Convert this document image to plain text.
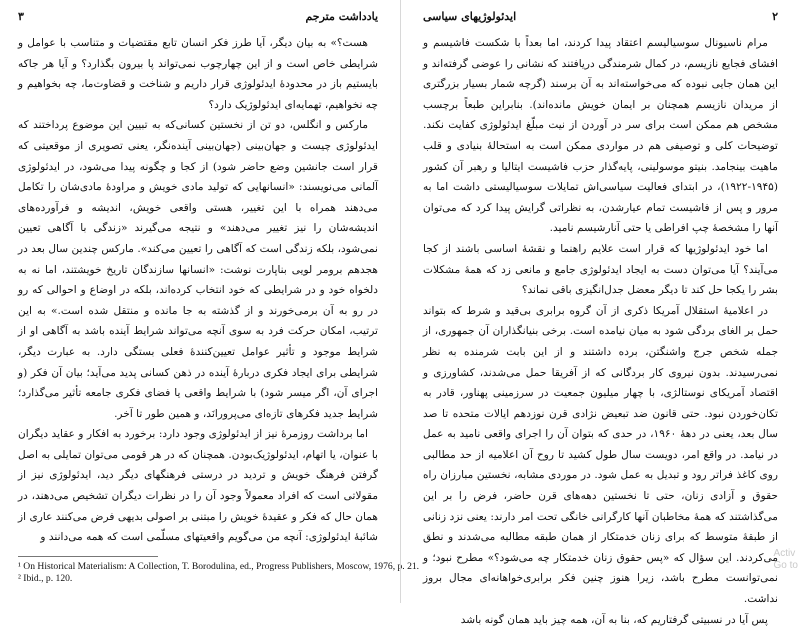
یادداشت مترجم
۳

هست؟» به بیان دیگر، آیا طرز فکر انسان تابع مقتضیات و متناسب با عوامل و شرایطی خاص است و از این چهارچوب نمی‌تواند پا بیرون بگذارد؟ و آیا هر جاکه بایستیم باز در محدودهٔ ایدئولوژی قرار داریم و شناخت و قضاوت‌ما، چه بخواهیم و چه نخواهیم، تهمایه‌ای ایدئولوژیک دارد؟

مارکس و انگلس، دو تن از نخستین کسانی‌که به تبیین این موضوع پرداختند که ایدئولوژی چیست و جهان‌بینی (جهان‌بینی آینده‌نگر، یعنی تصویری از موقعیتی که قرار است جانشین وضع حاضر شود) از کجا و چگونه پیدا می‌شود، در ایدئولوژی آلمانی می‌نویسند: «انسانهایی که تولید مادی خویش و مراودهٔ مادی‌شان را تکامل می‌دهند همراه با این تغییر، هستی واقعی خویش، اندیشه و فرآورده‌های اندیشه‌شان را نیز تغییر می‌دهند» و نتیجه می‌گیرند «زندگی با آگاهی تعیین نمی‌شود، بلکه زندگی است که آگاهی را تعیین می‌کند». مارکس چندین سال بعد در هجدهم برومر لویی بناپارت نوشت: «انسانها سازندگان تاریخ خویشتند، اما نه به دلخواه خود و در شرایطی که خود انتخاب کرده‌اند، بلکه در اوضاع و احوالی که رو در رو به آن برمی‌خورند و از گذشته به جا مانده و منتقل شده است.» به این ترتیب، امکان حرکت فرد به سوی آنچه می‌تواند شرایط آینده باشد به آگاهی او از شرایط موجود و تأثیر عوامل تعیین‌کنندهٔ فعلی بستگی دارد. به عبارت دیگر، شرایطی برای ایجاد فکری دربارهٔ آینده در ذهن کسانی پدید می‌آید؛ بیان آن فکر (و اجرای آن، اگر میسر شود) با شرایط واقعی یا فضای فکری جامعه تأثیر می‌گذارد؛ شرایط جدید فکرهای تازه‌ای می‌پرورانَد، و همین طور تا آخر.

اما برداشت روزمرهٔ نیز از ایدئولوژی وجود دارد: برخورد به افکار و عقاید دیگران با عنوان، یا اتهام، ایدئولوژیک‌بودن. همچنان که در هر قومی می‌توان تمایلی به اصل گرفتن فرهنگ خویش و تردید در درستی فرهنگهای دیگر دید، ایدئولوژی نیز از مقولاتی است که افراد معمولاً وجود آن را در نظرات دیگران تشخیص می‌دهند، در همان حال که فکر و عقیدهٔ خویش را مبتنی بر اصولی بدیهی فرض می‌کنند عاری از شائبهٔ ایدئولوژی: آنچه من می‌گویم واقعیتهای مسلّمی است که همه می‌دانند و

¹ On Historical Materialism: A Collection, T. Borodulina, ed., Progress Publishers, Moscow, 1976, p. 21.

² Ibid., p. 120.

۲
ایدئولوژیهای سیاسی

مرام ناسیونال سوسیالیسم اعتقاد پیدا کردند، اما بعداً با شکست فاشیسم و افشای فجایع نازیسم، در کمال شرمندگی دریافتند که نشانی را عوضی گرفته‌اند و این همان جایی نبوده که می‌خواسته‌اند به آن برسند (گرچه شمار بسیار بزرگتری از مریدان نازیسم همچنان بر ایمان خویش مانده‌اند). بنابراین طبعاً برچسب مشخص هم ممکن است برای سر در آوردن از نیت مبلّغ ایدئولوژی کفایت نکند. توضیحات کلی و توصیفی هم در مواردی ممکن است به استحالهٔ بنیادی و قلب ماهیت بینجامد. بنیتو موسولینی، پایه‌گذار حزب فاشیست ایتالیا و رهبر آن کشور (۱۹۴۵-۱۹۲۲)، در ابتدای فعالیت سیاسی‌اش تمایلات سوسیالیستی داشت اما به مرور و پس از فاشیست تمام عیارشدن، به نظراتی گرایش پیدا کرد که می‌توان آنها را مشخصهٔ چپ افراطی یا حتی آنارشیسم نامید.

اما خود ایدئولوژیها که قرار است علایم راهنما و نقشهٔ اساسی باشند از کجا می‌آیند؟ آیا می‌توان دست به ایجاد ایدئولوژی جامع و مانعی زد که همهٔ مشکلات بشر را یکجا حل کند تا دیگر معضل جدل‌انگیزی باقی نماند؟

در اعلامیهٔ استقلال آمریکا ذکری از آن گروه برابری بی‌قید و شرط که بتواند حمل بر الغای بردگی شود به میان نیامده است. برخی بنیانگذاران آن جمهوری، از جمله شخص جرج واشنگتن، برده داشتند و از این بابت شرمنده به نظر نمی‌رسیدند. بدون نیروی کار بردگانی که از آفریقا حمل می‌شدند، کشاورزی و اقتصاد آمریکای نوستالژی، با چهار میلیون جمعیت در سرزمینی پهناور، قادر به تکان‌خوردن نبود. حتی قانون ضد تبعیض نژادی قرن نوزدهم ایالات متحده تا صد سال بعد، یعنی در دههٔ ۱۹۶۰، در حدی که بتوان آن را اجرای واقعی نامید به عمل در نیامد. در واقع امر، دویست سال طول کشید تا روح آن اعلامیه از حد مطالبی روی کاغذ فراتر رود و تبدیل به عمل شود. در موردی مشابه، نخستین مبارزان راه حقوق و آزادی زنان، حتی تا نخستین دهه‌های قرن حاضر، فرض را بر این می‌گذاشتند که همهٔ مخاطبان آنها کارگرانی خانگی تحت امر دارند: یعنی نزد زنانی از طبقهٔ متوسط که برای زنان خدمتکار از همان طبقه مطالبه می‌شدند و نطق می‌کردند. این سؤال که «پس حقوق زنان خدمتکار چه می‌شود؟» مطرح نبود؛ و نمی‌توانست مطرح باشد، زیرا هنوز چنین فکر برابری‌خواهانه‌ای مجال بروز نداشت.

پس آیا در نسبیتی گرفتاریم که، بنا به آن، همه چیز باید همان گونه باشد

Activ
Go to
